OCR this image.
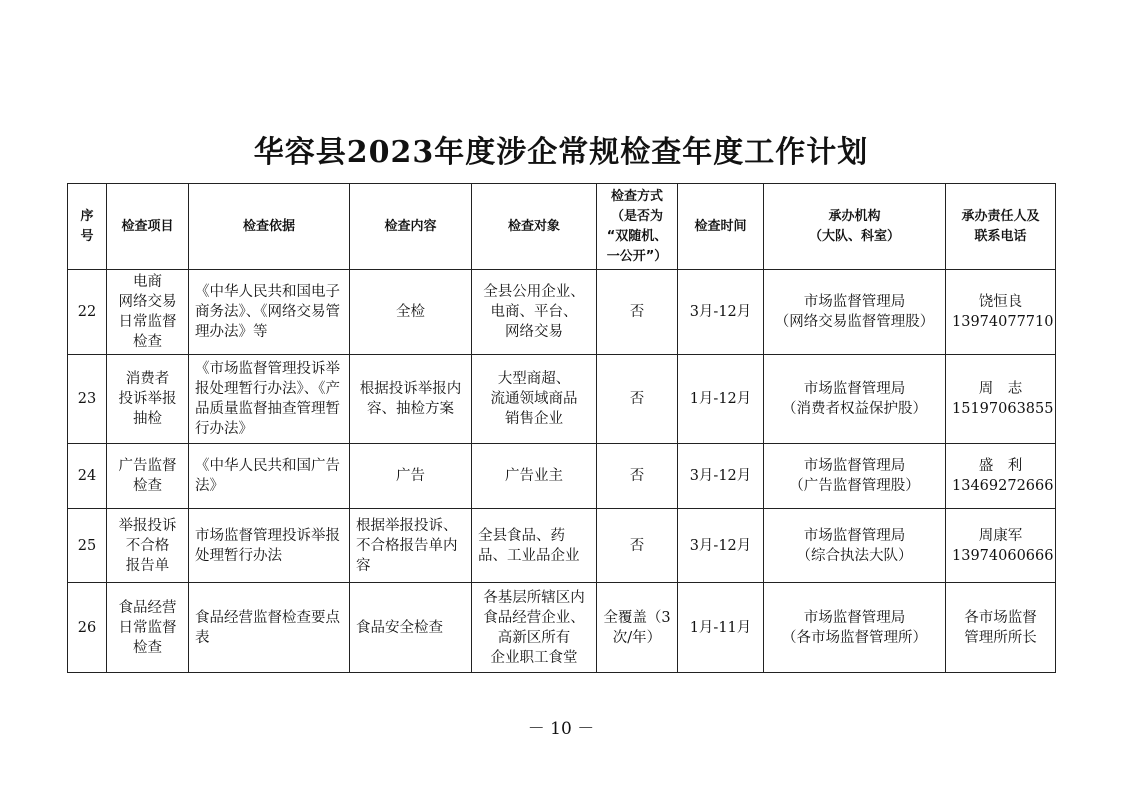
华容县2023年度涉企常规检查年度工作计划
序
号	检查项目	检查依据	检查内容	检查对象	检查方式
（是否为
“双随机、
一公开”）	检查时间	承办机构
（大队、科室）	承办责任人及
联系电话
22	电商
网络交易
日常监督
检查	《中华人民共和国电子商务法》、《网络交易管理办法》等	全检	全县公用企业、
电商、平台、
网络交易	否	3月-12月	市场监督管理局
（网络交易监督管理股）	饶恒良
13974077710
23	消费者
投诉举报
抽检	《市场监督管理投诉举报处理暂行办法》、《产品质量监督抽查管理暂行办法》	根据投诉举报内容、抽检方案	大型商超、
流通领域商品
销售企业	否	1月-12月	市场监督管理局
（消费者权益保护股）	周　志
15197063855
24	广告监督
检查	《中华人民共和国广告法》	广告	广告业主	否	3月-12月	市场监督管理局
（广告监督管理股）	盛　利
13469272666
25	举报投诉
不合格
报告单	市场监督管理投诉举报处理暂行办法	根据举报投诉、不合格报告单内容	全县食品、药品、工业品企业	否	3月-12月	市场监督管理局
（综合执法大队）	周康军
13974060666
26	食品经营
日常监督
检查	食品经营监督检查要点表	食品安全检查	各基层所辖区内
食品经营企业、
高新区所有
企业职工食堂	全覆盖（3次/年）	1月-11月	市场监督管理局
（各市场监督管理所）	各市场监督
管理所所长
－ 10 －
